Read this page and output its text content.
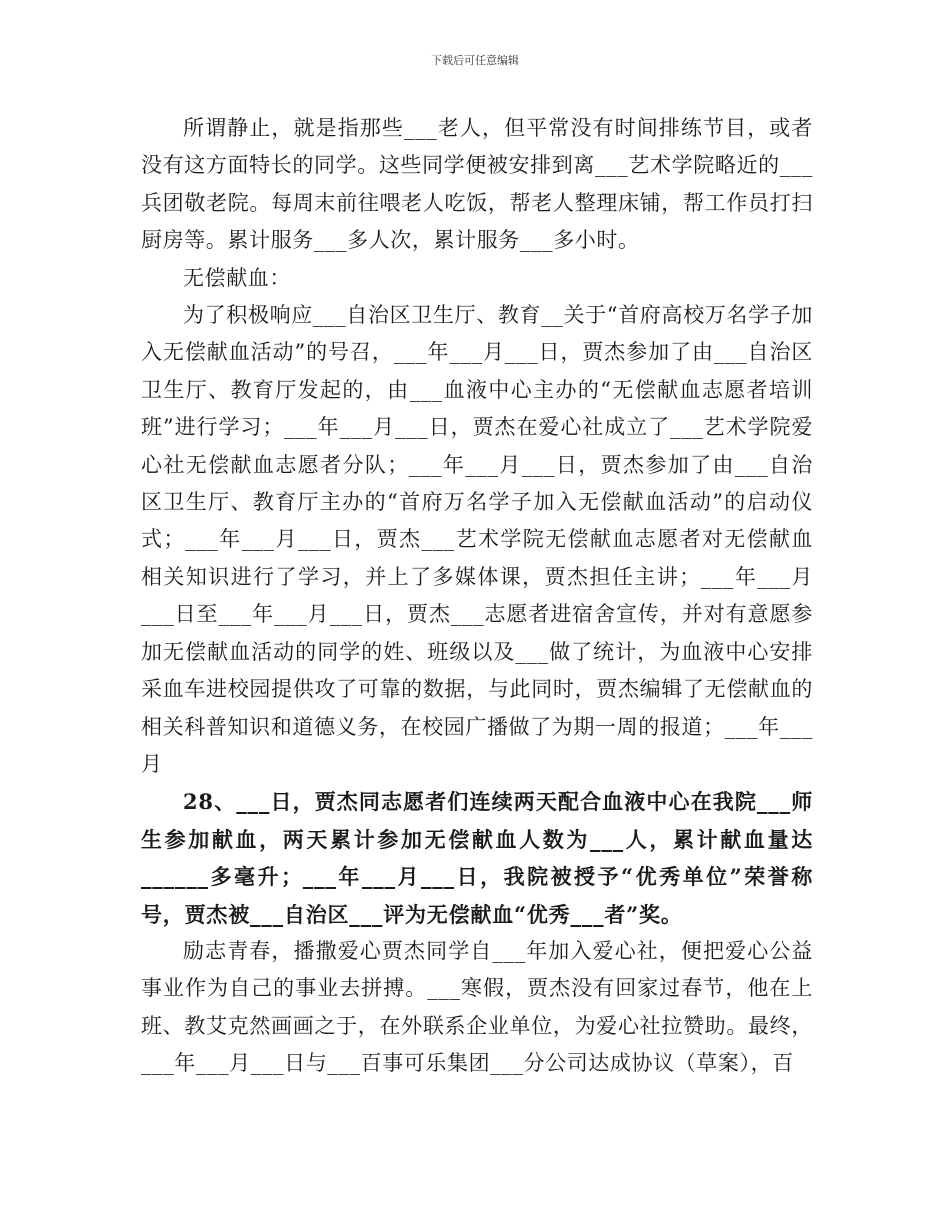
下载后可任意编辑

所谓静止，就是指那些___老人，但平常没有时间排练节目，或者没有这方面特长的同学。这些同学便被安排到离___艺术学院略近的___兵团敬老院。每周末前往喂老人吃饭，帮老人整理床铺，帮工作员打扫厨房等。累计服务___多人次，累计服务___多小时。

无偿献血：

为了积极响应___自治区卫生厅、教育__关于“首府高校万名学子加入无偿献血活动”的号召，___年___月___日，贾杰参加了由___自治区卫生厅、教育厅发起的，由___血液中心主办的“无偿献血志愿者培训班”进行学习；___年___月___日，贾杰在爱心社成立了___艺术学院爱心社无偿献血志愿者分队；___年___月___日，贾杰参加了由___自治区卫生厅、教育厅主办的“首府万名学子加入无偿献血活动”的启动仪式；___年___月___日，贾杰___艺术学院无偿献血志愿者对无偿献血相关知识进行了学习，并上了多媒体课，贾杰担任主讲；___年___月___日至___年___月___日，贾杰___志愿者进宿舍宣传，并对有意愿参加无偿献血活动的同学的姓、班级以及___做了统计，为血液中心安排采血车进校园提供攻了可靠的数据，与此同时，贾杰编辑了无偿献血的相关科普知识和道德义务，在校园广播做了为期一周的报道；___年___月

28、___日，贾杰同志愿者们连续两天配合血液中心在我院___师生参加献血，两天累计参加无偿献血人数为___人，累计献血量达______多毫升；___年___月___日，我院被授予“优秀单位”荣誉称号，贾杰被___自治区___评为无偿献血“优秀___者”奖。

励志青春，播撒爱心贾杰同学自___年加入爱心社，便把爱心公益事业作为自己的事业去拼搏。___寒假，贾杰没有回家过春节，他在上班、教艾克然画画之于，在外联系企业单位，为爱心社拉赞助。最终，___年___月___日与___百事可乐集团___分公司达成协议（草案），百
